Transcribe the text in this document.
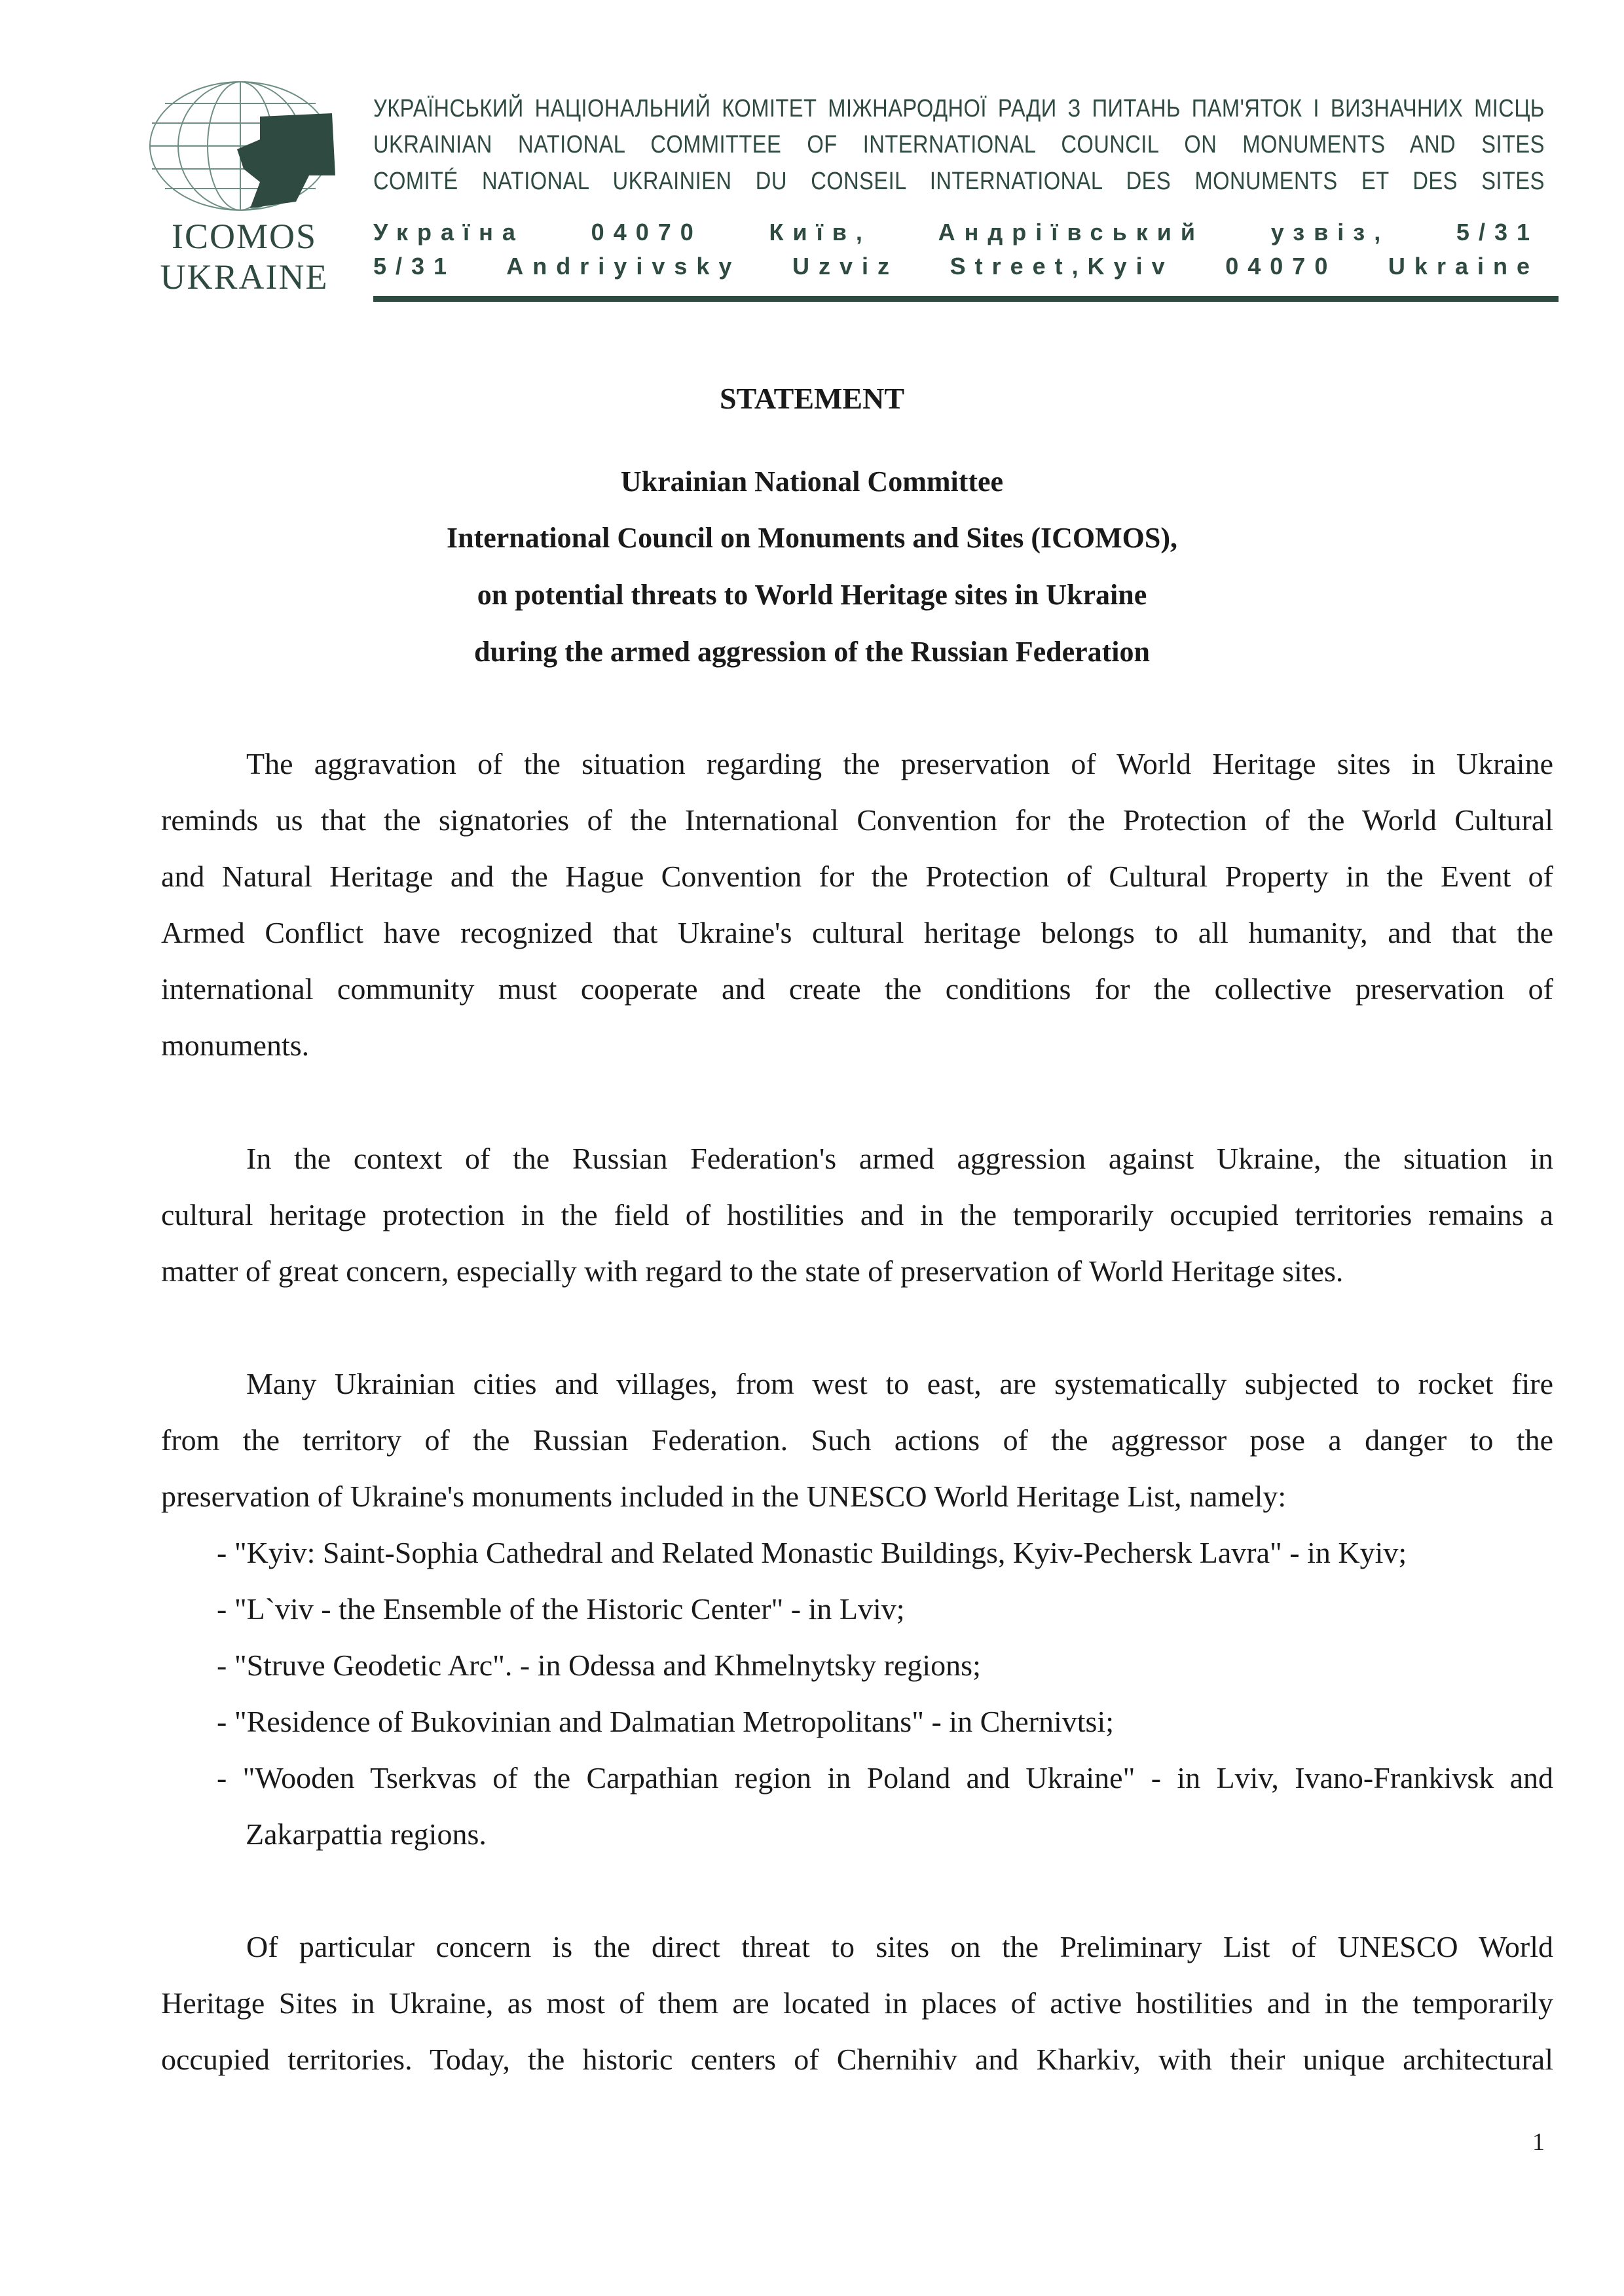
ICOMOS
UKRAINE
УКРАЇНСЬКИЙ НАЦІОНАЛЬНИЙ КОМІТЕТ МІЖНАРОДНОЇ РАДИ З ПИТАНЬ ПАМ'ЯТОК І ВИЗНАЧНИХ МІСЦЬ
UKRAINIAN NATIONAL COMMITTEE OF INTERNATIONAL COUNCIL ON MONUMENTS AND SITES
COMITÉ NATIONAL UKRAINIEN DU CONSEIL INTERNATIONAL DES MONUMENTS ET DES SITES
Україна 04070 Київ, Андріївський узвіз, 5/31
5/31 Andriyivsky Uzviz Street,Kyiv 04070 Ukraine
STATEMENT
Ukrainian National Committee
International Council on Monuments and Sites (ICOMOS),
on potential threats to World Heritage sites in Ukraine
during the armed aggression of the Russian Federation
The aggravation of the situation regarding the preservation of World Heritage sites in Ukraine
reminds us that the signatories of the International Convention for the Protection of the World Cultural
and Natural Heritage and the Hague Convention for the Protection of Cultural Property in the Event of
Armed Conflict have recognized that Ukraine's cultural heritage belongs to all humanity, and that the
international community must cooperate and create the conditions for the collective preservation of
monuments.
In the context of the Russian Federation's armed aggression against Ukraine, the situation in
cultural heritage protection in the field of hostilities and in the temporarily occupied territories remains a
matter of great concern, especially with regard to the state of preservation of World Heritage sites.
Many Ukrainian cities and villages, from west to east, are systematically subjected to rocket fire
from the territory of the Russian Federation. Such actions of the aggressor pose a danger to the
preservation of Ukraine's monuments included in the UNESCO World Heritage List, namely:
Of particular concern is the direct threat to sites on the Preliminary List of UNESCO World
Heritage Sites in Ukraine, as most of them are located in places of active hostilities and in the temporarily
occupied territories. Today, the historic centers of Chernihiv and Kharkiv, with their unique architectural
- "Kyiv: Saint-Sophia Cathedral and Related Monastic Buildings, Kyiv-Pechersk Lavra" - in Kyiv;
- "L`viv - the Ensemble of the Historic Center" - in Lviv;
- "Struve Geodetic Arc". - in Odessa and Khmelnytsky regions;
- "Residence of Bukovinian and Dalmatian Metropolitans" - in Chernivtsi;
- "Wooden Tserkvas of the Carpathian region in Poland and Ukraine" - in Lviv, Ivano-Frankivsk and
Zakarpattia regions.
1
